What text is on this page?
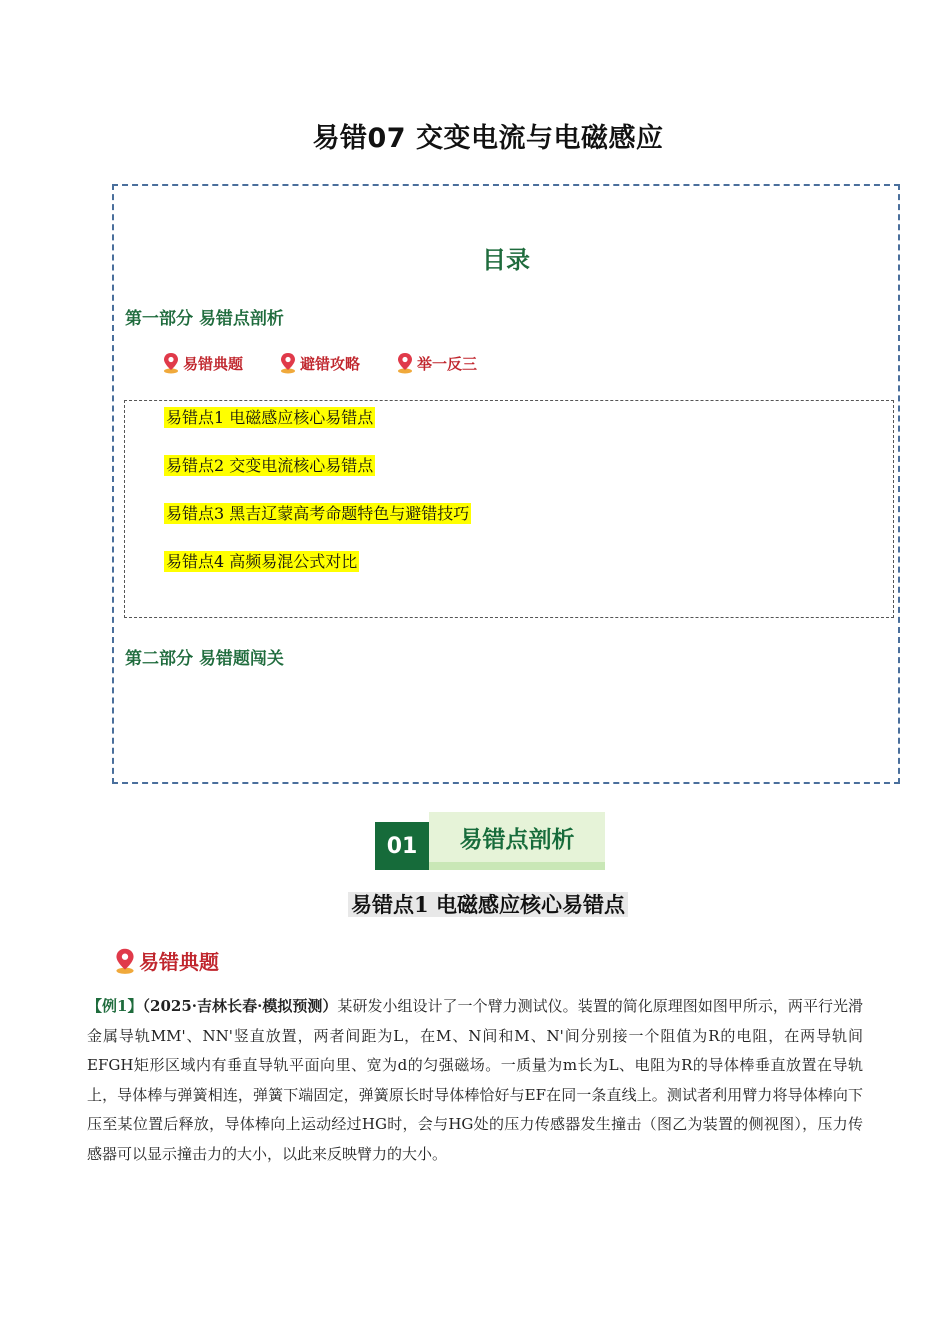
易错07 交变电流与电磁感应
目录
第一部分 易错点剖析
易错典题	避错攻略	举一反三
易错点1 电磁感应核心易错点
易错点2 交变电流核心易错点
易错点3 黑吉辽蒙高考命题特色与避错技巧
易错点4 高频易混公式对比
第二部分 易错题闯关
01	易错点剖析
易错点1 电磁感应核心易错点
易错典题
【例1】（2025·吉林长春·模拟预测）某研发小组设计了一个臂力测试仪。装置的简化原理图如图甲所示，两平行光滑金属导轨MM'、NN'竖直放置，两者间距为L，在M、N间和M、N'间分别接一个阻值为R的电阻，在两导轨间EFGH矩形区域内有垂直导轨平面向里、宽为d的匀强磁场。一质量为m长为L、电阻为R的导体棒垂直放置在导轨上，导体棒与弹簧相连，弹簧下端固定，弹簧原长时导体棒恰好与EF在同一条直线上。测试者利用臂力将导体棒向下压至某位置后释放，导体棒向上运动经过HG时，会与HG处的压力传感器发生撞击（图乙为装置的侧视图），压力传感器可以显示撞击力的大小，以此来反映臂力的大小。
